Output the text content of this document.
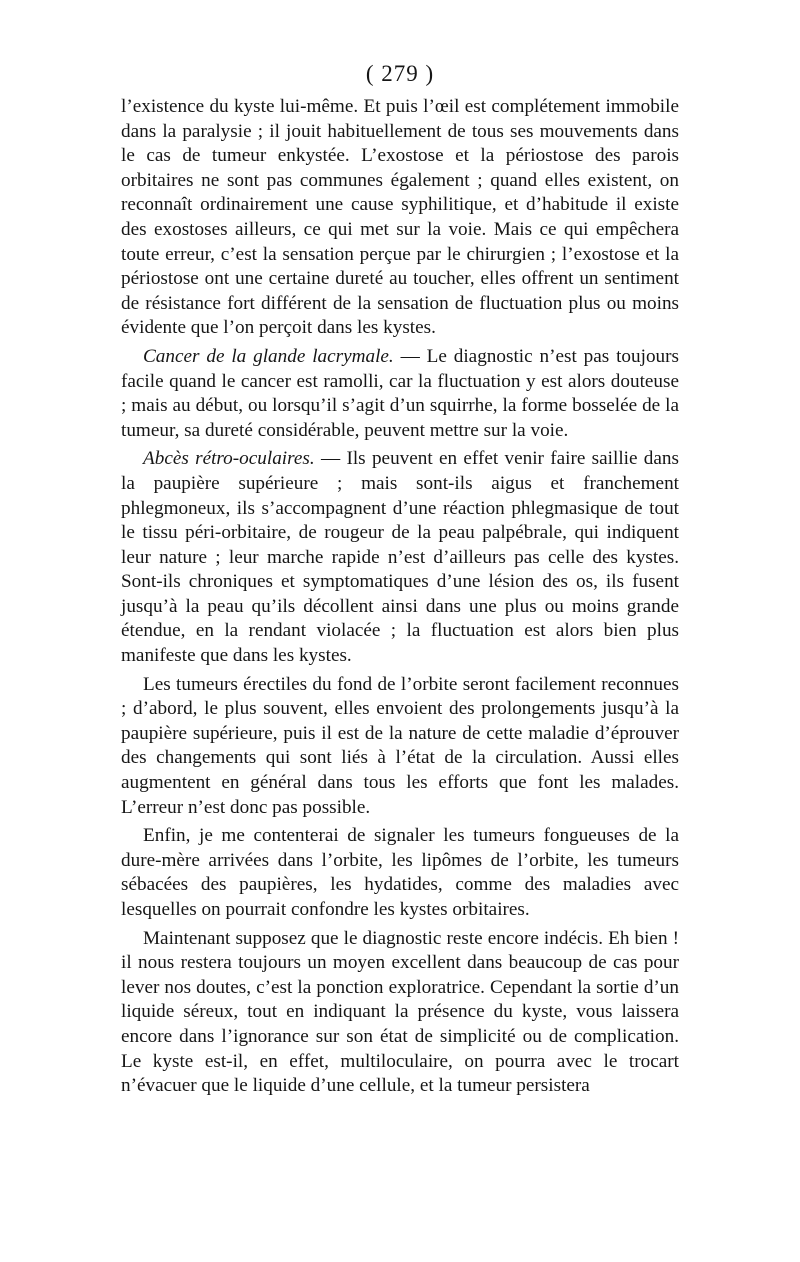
( 279 )

l’existence du kyste lui-même. Et puis l’œil est complétement immobile dans la paralysie ; il jouit habituellement de tous ses mouvements dans le cas de tumeur enkystée. L’exostose et la périostose des parois orbitaires ne sont pas communes également ; quand elles existent, on reconnaît ordinairement une cause syphilitique, et d’habitude il existe des exostoses ailleurs, ce qui met sur la voie. Mais ce qui empêchera toute erreur, c’est la sensation perçue par le chirurgien ; l’exostose et la périostose ont une certaine dureté au toucher, elles offrent un sentiment de résistance fort différent de la sensation de fluctuation plus ou moins évidente que l’on perçoit dans les kystes.

Cancer de la glande lacrymale. — Le diagnostic n’est pas toujours facile quand le cancer est ramolli, car la fluctuation y est alors douteuse ; mais au début, ou lorsqu’il s’agit d’un squirrhe, la forme bosselée de la tumeur, sa dureté considérable, peuvent mettre sur la voie.

Abcès rétro-oculaires. — Ils peuvent en effet venir faire saillie dans la paupière supérieure ; mais sont-ils aigus et franchement phlegmoneux, ils s’accompagnent d’une réaction phlegmasique de tout le tissu péri-orbitaire, de rougeur de la peau palpébrale, qui indiquent leur nature ; leur marche rapide n’est d’ailleurs pas celle des kystes. Sont-ils chroniques et symptomatiques d’une lésion des os, ils fusent jusqu’à la peau qu’ils décollent ainsi dans une plus ou moins grande étendue, en la rendant violacée ; la fluctuation est alors bien plus manifeste que dans les kystes.

Les tumeurs érectiles du fond de l’orbite seront facilement reconnues ; d’abord, le plus souvent, elles envoient des prolongements jusqu’à la paupière supérieure, puis il est de la nature de cette maladie d’éprouver des changements qui sont liés à l’état de la circulation. Aussi elles augmentent en général dans tous les efforts que font les malades. L’erreur n’est donc pas possible.

Enfin, je me contenterai de signaler les tumeurs fongueuses de la dure-mère arrivées dans l’orbite, les lipômes de l’orbite, les tumeurs sébacées des paupières, les hydatides, comme des maladies avec lesquelles on pourrait confondre les kystes orbitaires.

Maintenant supposez que le diagnostic reste encore indécis. Eh bien ! il nous restera toujours un moyen excellent dans beaucoup de cas pour lever nos doutes, c’est la ponction exploratrice. Cependant la sortie d’un liquide séreux, tout en indiquant la présence du kyste, vous laissera encore dans l’ignorance sur son état de simplicité ou de complication. Le kyste est-il, en effet, multiloculaire, on pourra avec le trocart n’évacuer que le liquide d’une cellule, et la tumeur persistera
